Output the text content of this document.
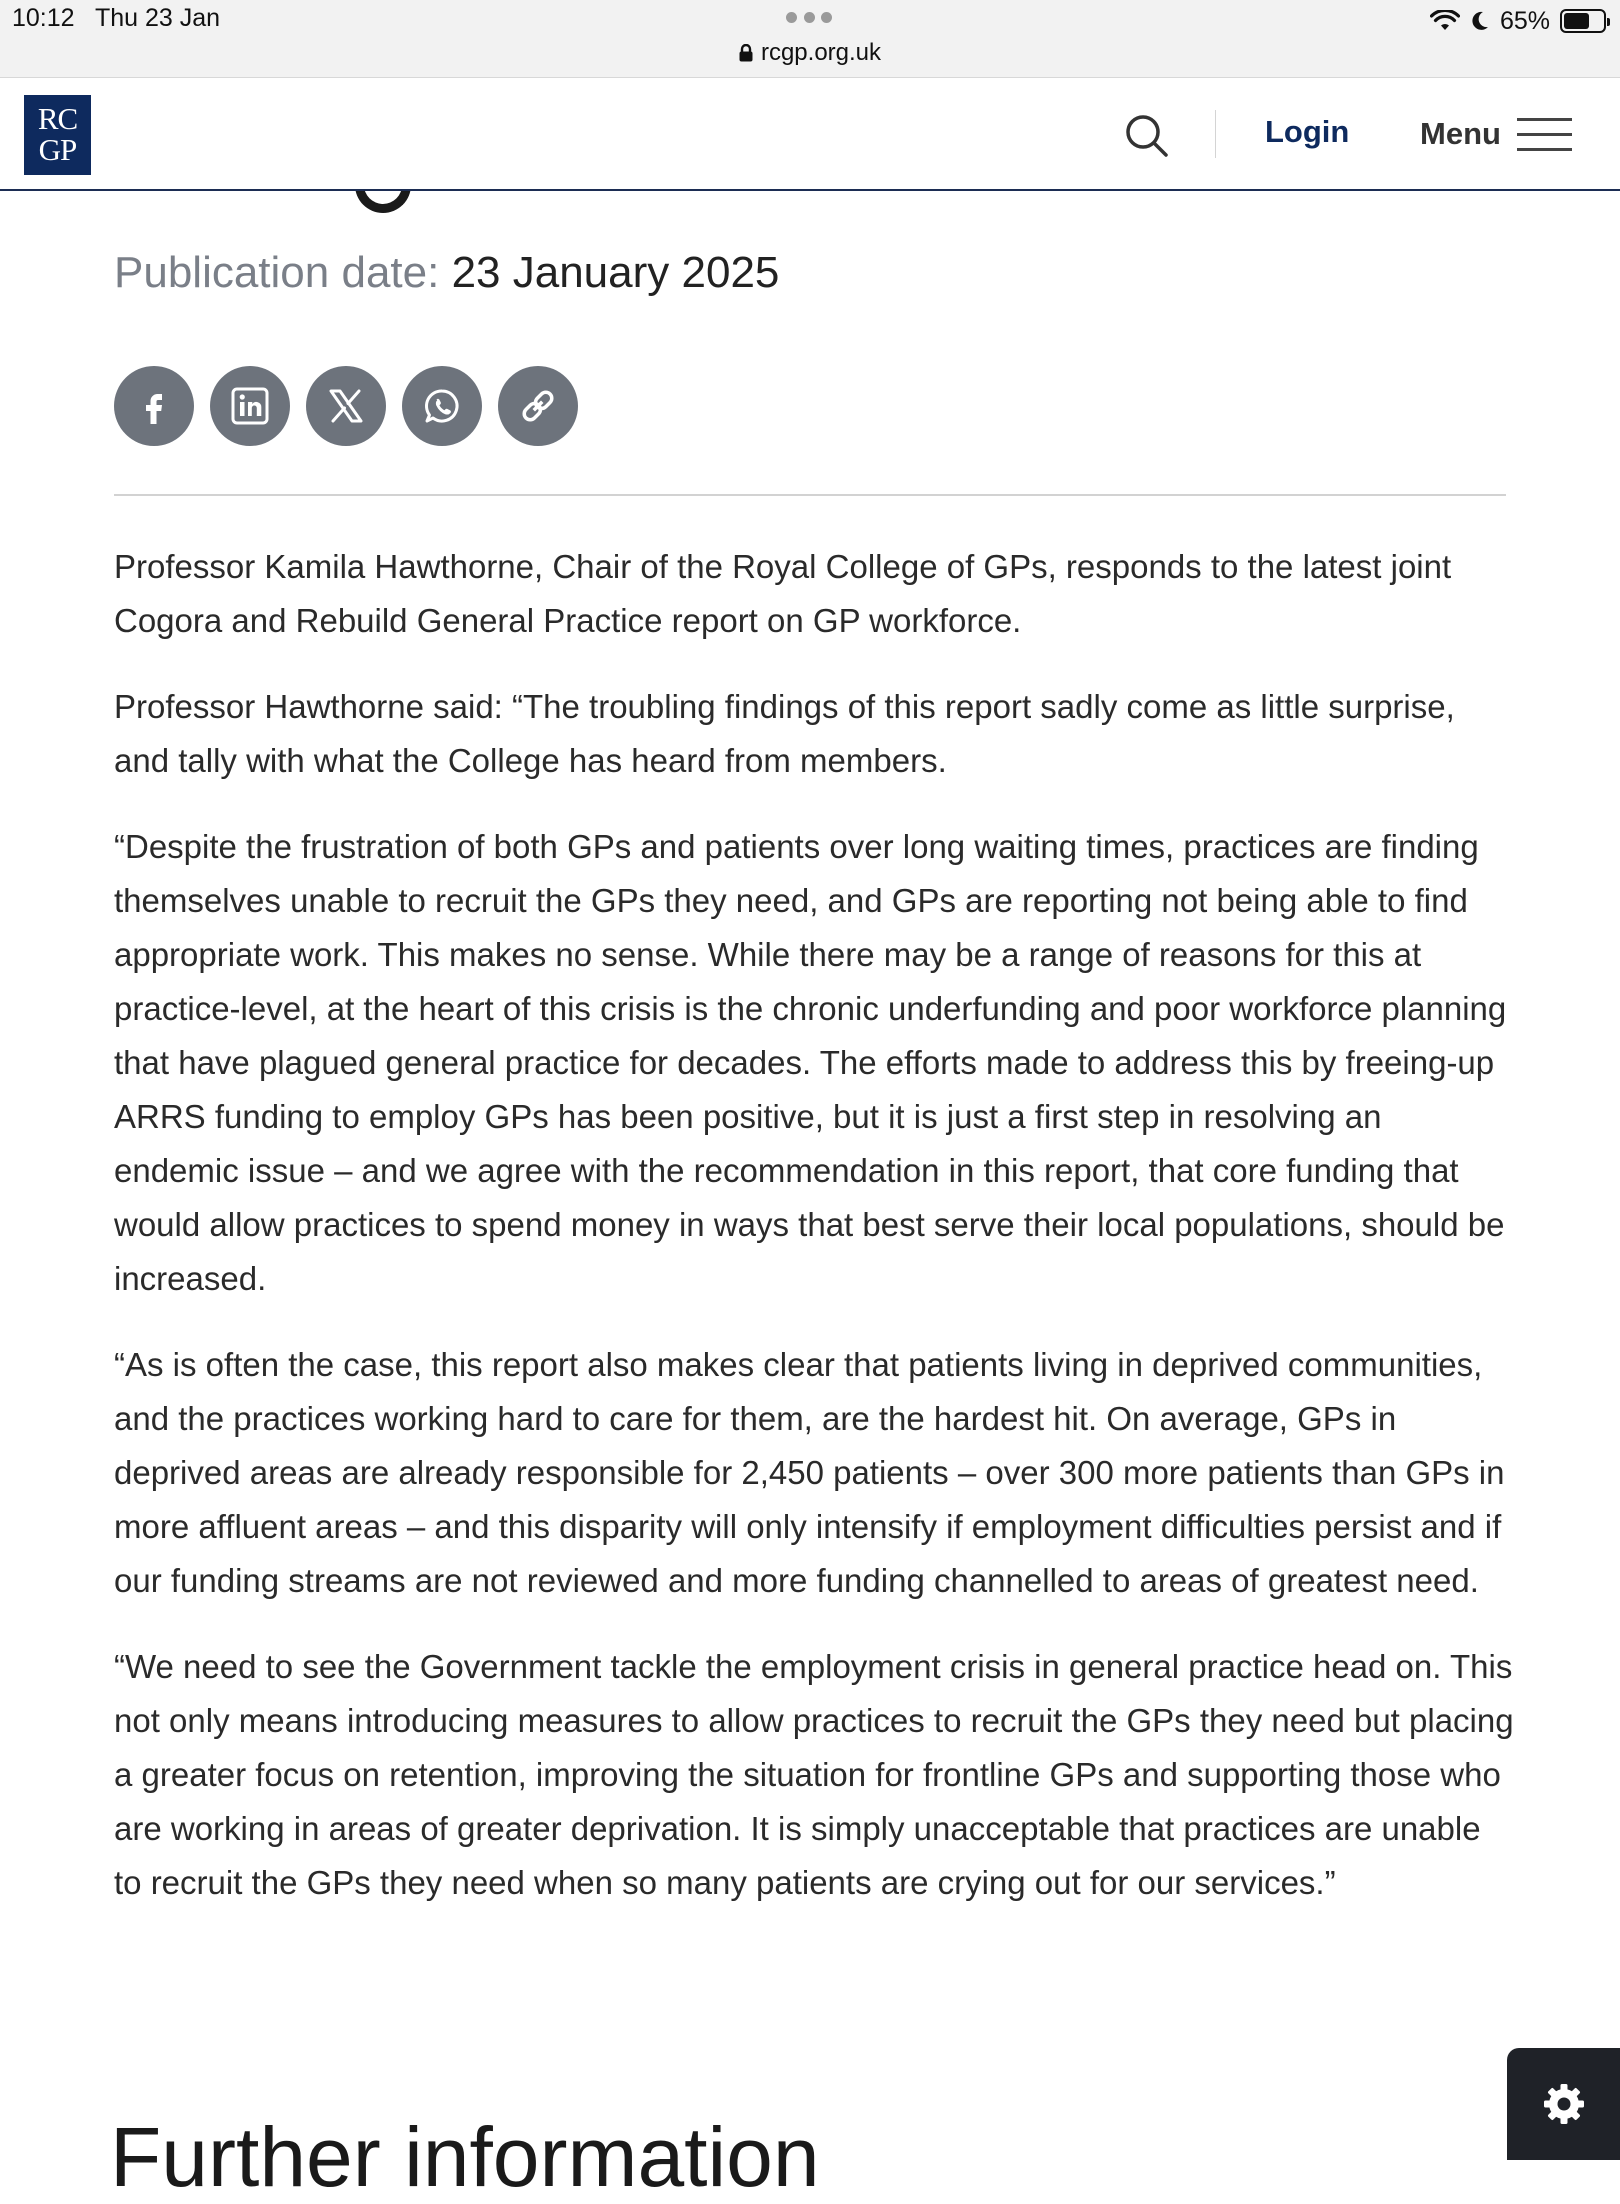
10:12 Thu 23 Jan	65%
rcgp.org.uk
RC
GP
Login Menu
Publication date: 23 January 2025

Professor Kamila Hawthorne, Chair of the Royal College of GPs, responds to the latest joint Cogora and Rebuild General Practice report on GP workforce.

Professor Hawthorne said: “The troubling findings of this report sadly come as little surprise, and tally with what the College has heard from members.

“Despite the frustration of both GPs and patients over long waiting times, practices are finding themselves unable to recruit the GPs they need, and GPs are reporting not being able to find appropriate work. This makes no sense. While there may be a range of reasons for this at practice-level, at the heart of this crisis is the chronic underfunding and poor workforce planning that have plagued general practice for decades. The efforts made to address this by freeing-up ARRS funding to employ GPs has been positive, but it is just a first step in resolving an endemic issue – and we agree with the recommendation in this report, that core funding that would allow practices to spend money in ways that best serve their local populations, should be increased.

“As is often the case, this report also makes clear that patients living in deprived communities, and the practices working hard to care for them, are the hardest hit. On average, GPs in deprived areas are already responsible for 2,450 patients – over 300 more patients than GPs in more affluent areas – and this disparity will only intensify if employment difficulties persist and if our funding streams are not reviewed and more funding channelled to areas of greatest need.

“We need to see the Government tackle the employment crisis in general practice head on. This not only means introducing measures to allow practices to recruit the GPs they need but placing a greater focus on retention, improving the situation for frontline GPs and supporting those who are working in areas of greater deprivation. It is simply unacceptable that practices are unable to recruit the GPs they need when so many patients are crying out for our services.”

Further information
